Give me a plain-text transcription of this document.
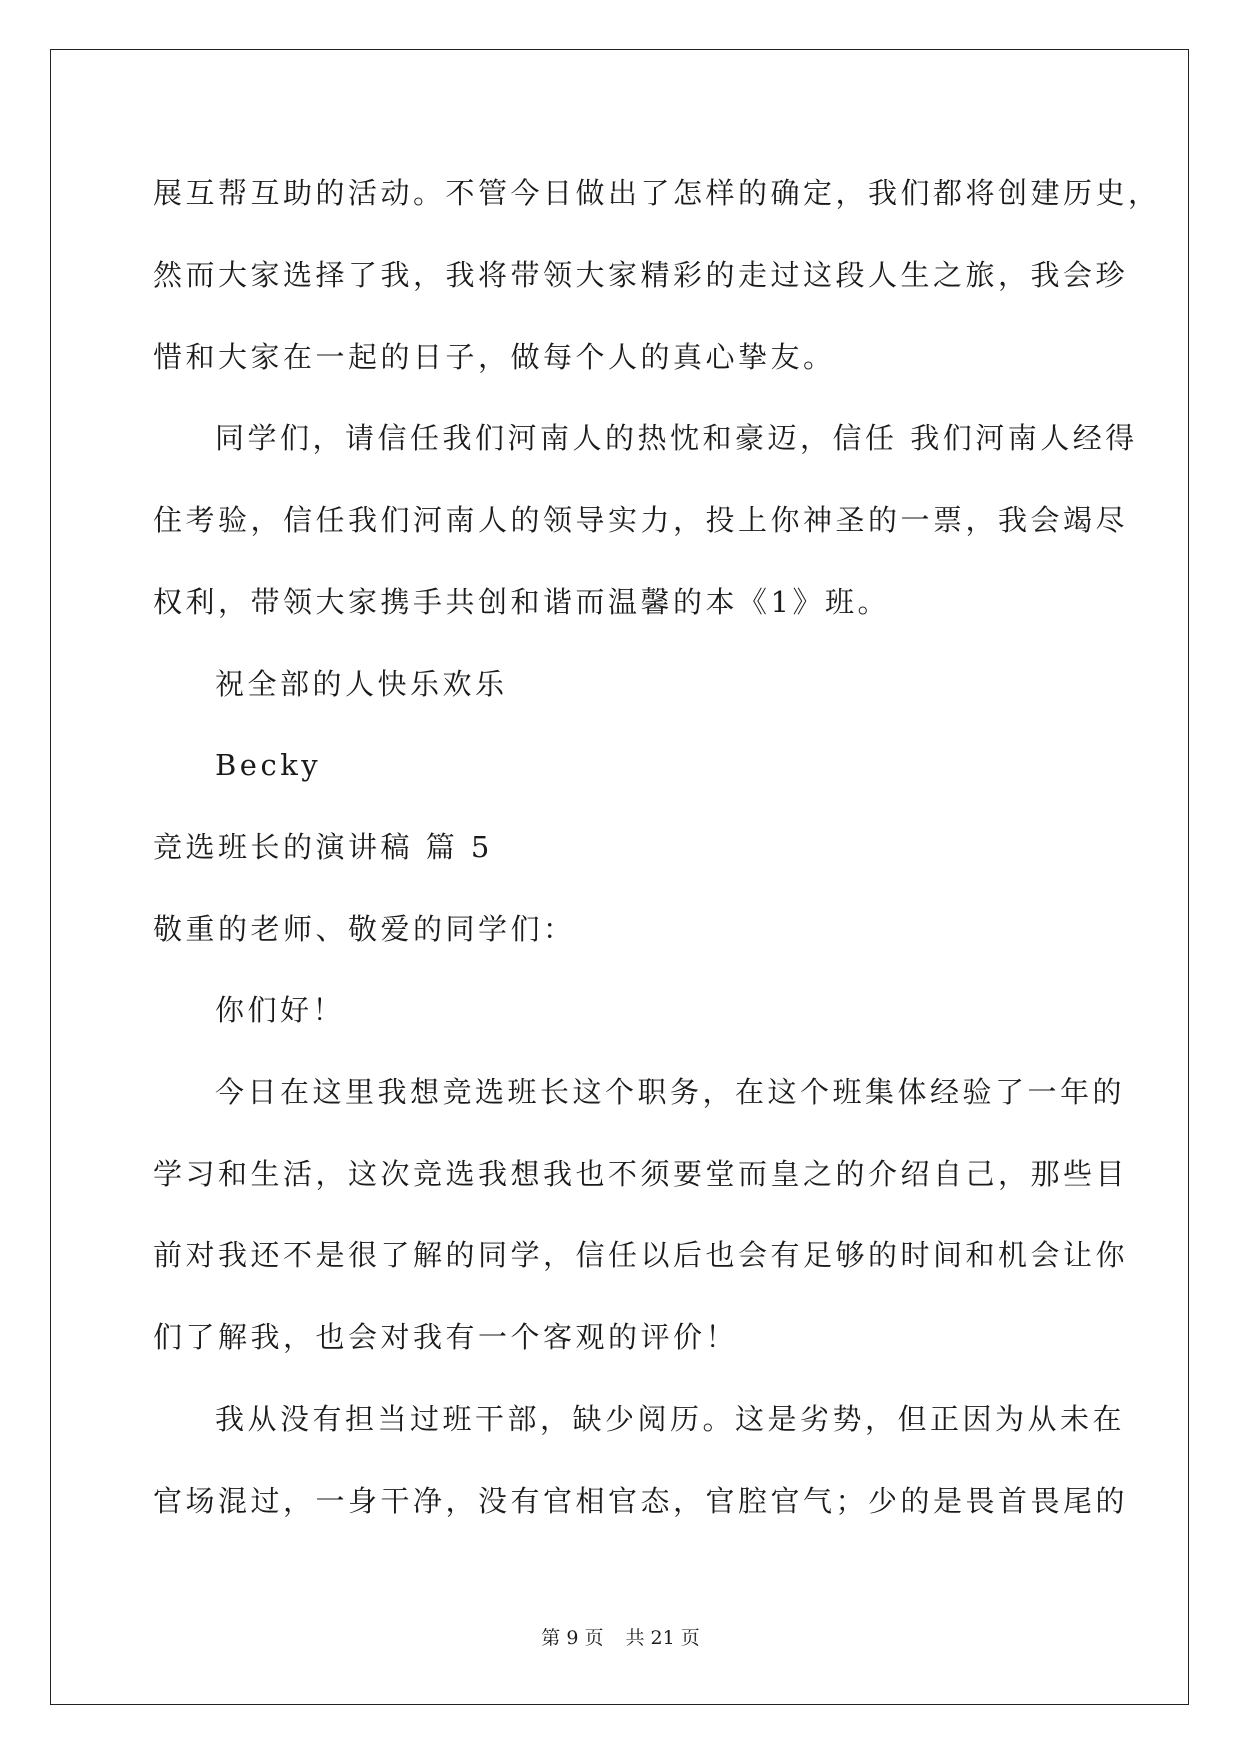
展互帮互助的活动。不管今日做出了怎样的确定，我们都将创建历史，
然而大家选择了我，我将带领大家精彩的走过这段人生之旅，我会珍
惜和大家在一起的日子，做每个人的真心挚友。
同学们，请信任我们河南人的热忱和豪迈，信任 我们河南人经得
住考验，信任我们河南人的领导实力，投上你神圣的一票，我会竭尽
权利，带领大家携手共创和谐而温馨的本《1》班。
祝全部的人快乐欢乐
Becky
竞选班长的演讲稿 篇 5
敬重的老师、敬爱的同学们：
你们好！
今日在这里我想竞选班长这个职务，在这个班集体经验了一年的
学习和生活，这次竞选我想我也不须要堂而皇之的介绍自己，那些目
前对我还不是很了解的同学，信任以后也会有足够的时间和机会让你
们了解我，也会对我有一个客观的评价！
我从没有担当过班干部，缺少阅历。这是劣势，但正因为从未在
官场混过，一身干净，没有官相官态，官腔官气；少的是畏首畏尾的
第 9 页 共 21 页
